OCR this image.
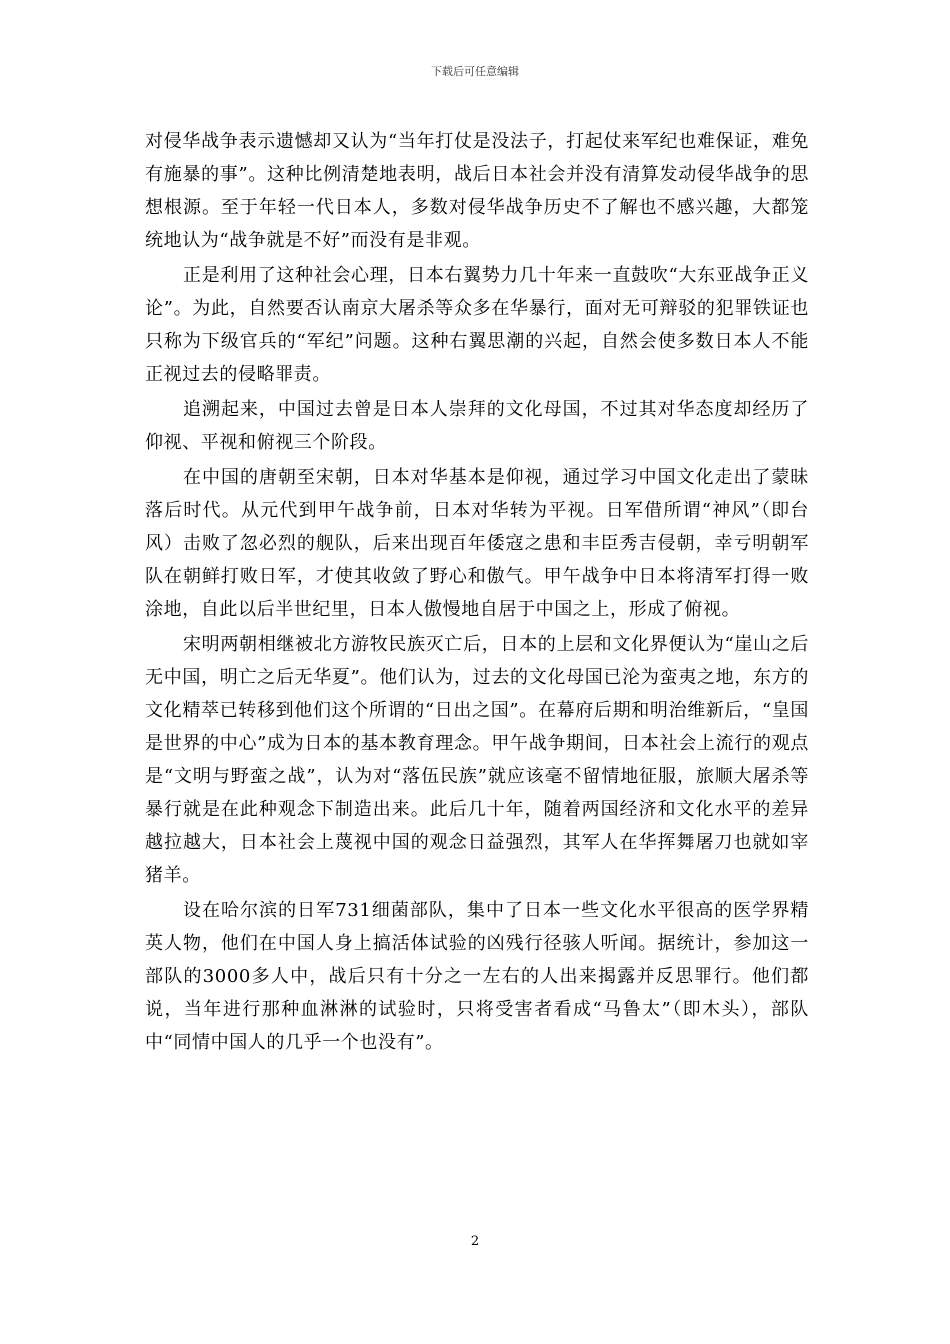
下载后可任意编辑

对侵华战争表示遗憾却又认为“当年打仗是没法子，打起仗来军纪也难保证，难免有施暴的事”。这种比例清楚地表明，战后日本社会并没有清算发动侵华战争的思想根源。至于年轻一代日本人，多数对侵华战争历史不了解也不感兴趣，大都笼统地认为“战争就是不好”而没有是非观。

正是利用了这种社会心理，日本右翼势力几十年来一直鼓吹“大东亚战争正义论”。为此，自然要否认南京大屠杀等众多在华暴行，面对无可辩驳的犯罪铁证也只称为下级官兵的“军纪”问题。这种右翼思潮的兴起，自然会使多数日本人不能正视过去的侵略罪责。

追溯起来，中国过去曾是日本人崇拜的文化母国，不过其对华态度却经历了仰视、平视和俯视三个阶段。

在中国的唐朝至宋朝，日本对华基本是仰视，通过学习中国文化走出了蒙昧落后时代。从元代到甲午战争前，日本对华转为平视。日军借所谓“神风”（即台风）击败了忽必烈的舰队，后来出现百年倭寇之患和丰臣秀吉侵朝，幸亏明朝军队在朝鲜打败日军，才使其收敛了野心和傲气。甲午战争中日本将清军打得一败涂地，自此以后半世纪里，日本人傲慢地自居于中国之上，形成了俯视。

宋明两朝相继被北方游牧民族灭亡后，日本的上层和文化界便认为“崖山之后无中国，明亡之后无华夏”。他们认为，过去的文化母国已沦为蛮夷之地，东方的文化精萃已转移到他们这个所谓的“日出之国”。在幕府后期和明治维新后，“皇国是世界的中心”成为日本的基本教育理念。甲午战争期间，日本社会上流行的观点是“文明与野蛮之战”，认为对“落伍民族”就应该毫不留情地征服，旅顺大屠杀等暴行就是在此种观念下制造出来。此后几十年，随着两国经济和文化水平的差异越拉越大，日本社会上蔑视中国的观念日益强烈，其军人在华挥舞屠刀也就如宰猪羊。

设在哈尔滨的日军731细菌部队，集中了日本一些文化水平很高的医学界精英人物，他们在中国人身上搞活体试验的凶残行径骇人听闻。据统计，参加这一部队的3000多人中，战后只有十分之一左右的人出来揭露并反思罪行。他们都说，当年进行那种血淋淋的试验时，只将受害者看成“马鲁太”（即木头），部队中“同情中国人的几乎一个也没有”。

2
